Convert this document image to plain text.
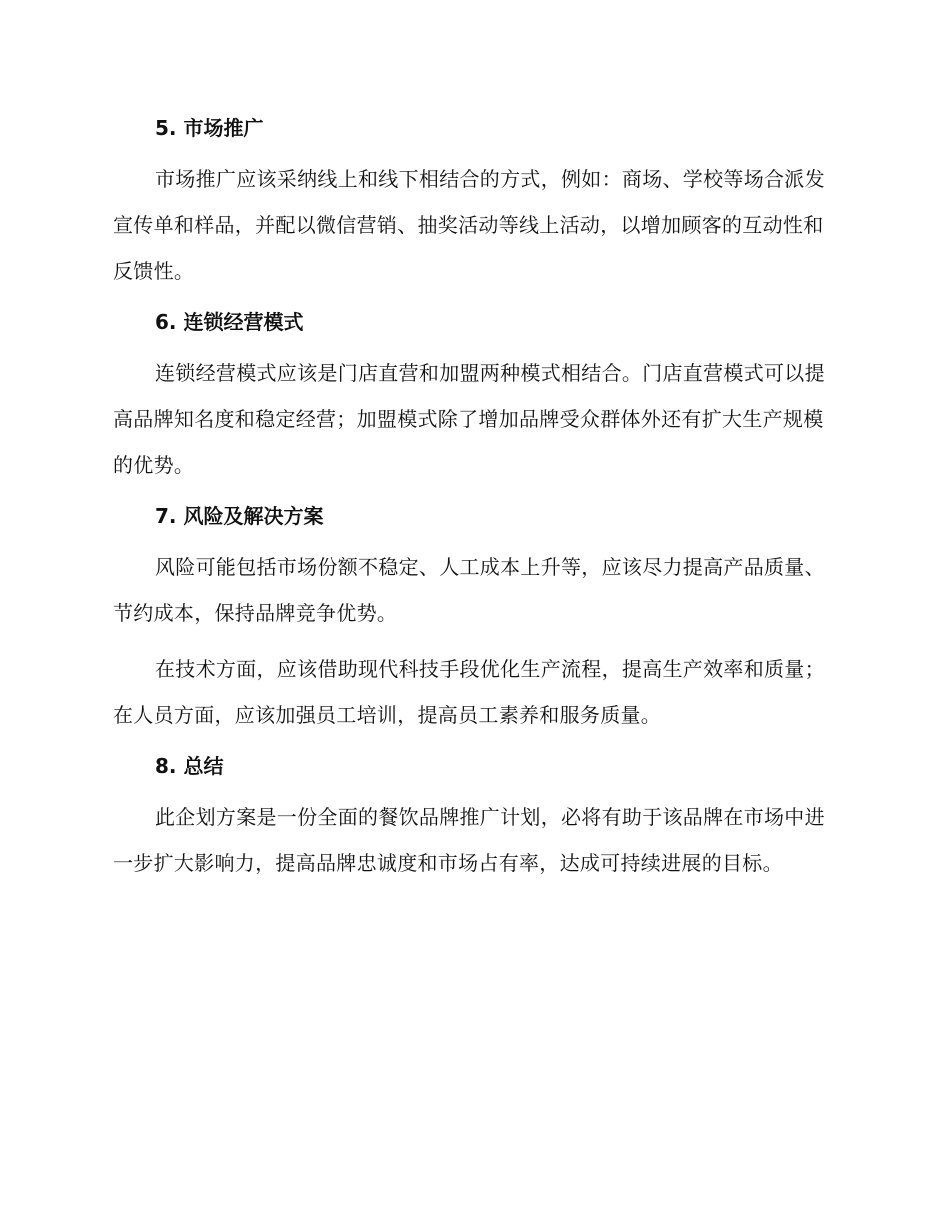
5. 市场推广

市场推广应该采纳线上和线下相结合的方式，例如：商场、学校等场合派发宣传单和样品，并配以微信营销、抽奖活动等线上活动，以增加顾客的互动性和反馈性。

6. 连锁经营模式

连锁经营模式应该是门店直营和加盟两种模式相结合。门店直营模式可以提高品牌知名度和稳定经营；加盟模式除了增加品牌受众群体外还有扩大生产规模的优势。

7. 风险及解决方案

风险可能包括市场份额不稳定、人工成本上升等，应该尽力提高产品质量、节约成本，保持品牌竞争优势。

在技术方面，应该借助现代科技手段优化生产流程，提高生产效率和质量；在人员方面，应该加强员工培训，提高员工素养和服务质量。

8. 总结

此企划方案是一份全面的餐饮品牌推广计划，必将有助于该品牌在市场中进一步扩大影响力，提高品牌忠诚度和市场占有率，达成可持续进展的目标。
